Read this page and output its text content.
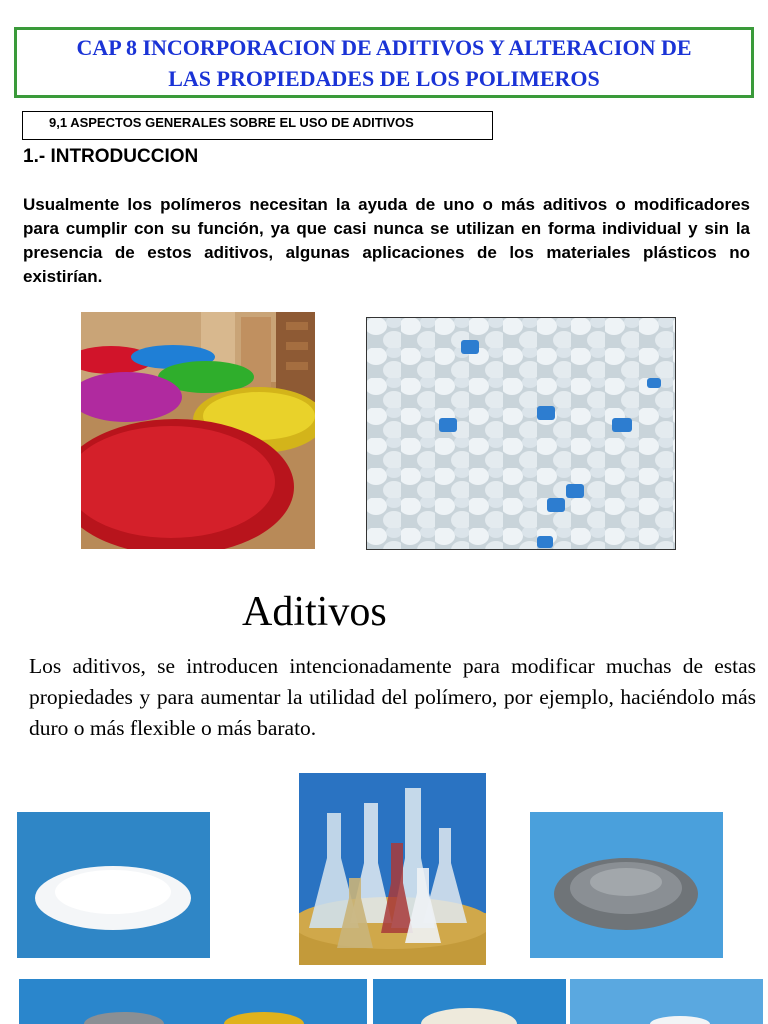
CAP 8 INCORPORACION DE ADITIVOS Y ALTERACION DE
LAS PROPIEDADES DE LOS POLIMEROS
9,1 ASPECTOS GENERALES SOBRE EL USO DE ADITIVOS
1.- INTRODUCCION
Usualmente los polímeros necesitan la ayuda de uno o más aditivos o modificadores para cumplir con su función, ya que casi nunca se utilizan en forma individual y sin la presencia de estos aditivos, algunas aplicaciones de los materiales plásticos no existirían.
Aditivos
Los aditivos, se introducen intencionadamente para modificar muchas de estas propiedades y para aumentar la utilidad del polímero, por ejemplo, haciéndolo más duro o más flexible o más barato.
